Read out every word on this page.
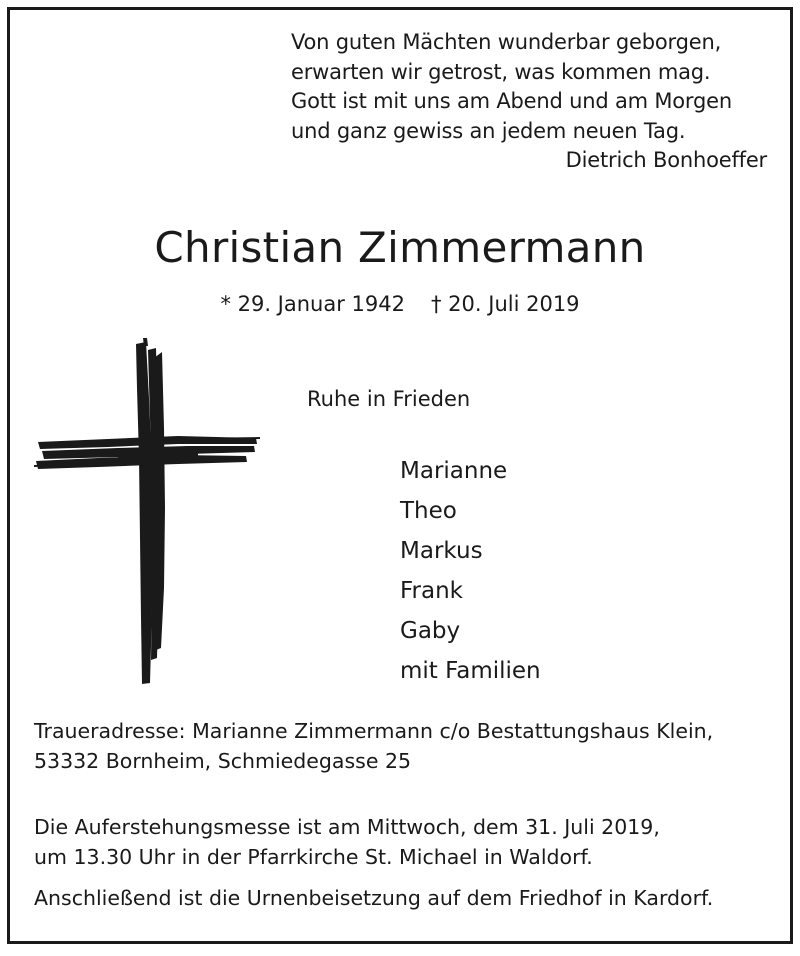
Von guten Mächten wunderbar geborgen,
erwarten wir getrost, was kommen mag.
Gott ist mit uns am Abend und am Morgen
und ganz gewiss an jedem neuen Tag.
Dietrich Bonhoeffer
Christian Zimmermann
* 29. Januar 1942 † 20. Juli 2019
Ruhe in Frieden
Marianne
Theo
Markus
Frank
Gaby
mit Familien
Traueradresse: Marianne Zimmermann c/o Bestattungshaus Klein,
53332 Bornheim, Schmiedegasse 25
Die Auferstehungsmesse ist am Mittwoch, dem 31. Juli 2019,
um 13.30 Uhr in der Pfarrkirche St. Michael in Waldorf.
Anschließend ist die Urnenbeisetzung auf dem Friedhof in Kardorf.
